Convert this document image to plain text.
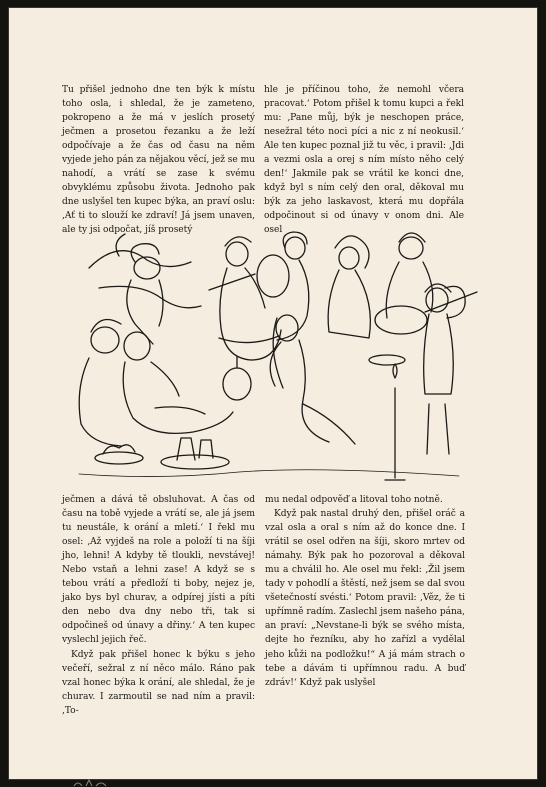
Tu přišel jednoho dne ten býk k místu toho osla, i shledal, že je zameteno, pokropeno a že má v jeslích prosetý ječmen a prosetou řezanku a že leží odpočívaje a že čas od času na něm vyjede jeho pán za nějakou věcí, jež se mu nahodí, a vrátí se zase k svému obvyklému způsobu života. Jednoho pak dne uslyšel ten kupec býka, an praví oslu: ‚Ať ti to slouží ke zdraví! Já jsem unaven, ale ty jsi odpočat, jíš prosetý

hle je příčinou toho, že nemohl včera pracovat.‘ Potom přišel k tomu kupci a řekl mu: ‚Pane můj, býk je neschopen práce, nesežral této noci píci a nic z ní neokusil.‘ Ale ten kupec poznal již tu věc, i pravil: ‚Jdi a vezmi osla a orej s ním místo něho celý den!‘ Jakmile pak se vrátil ke konci dne, když byl s ním celý den oral, děkoval mu býk za jeho laskavost, která mu dopřála odpočinout si od únavy v onom dni. Ale osel

ječmen a dává tě obsluhovat. A čas od času na tobě vyjede a vrátí se, ale já jsem tu neustále, k orání a mletí.‘ I řekl mu osel: ‚Až vyjdeš na role a položí ti na šíji jho, lehni! A kdyby tě tloukli, nevstávej! Nebo vstaň a lehni zase! A když se s tebou vrátí a předloží ti boby, nejez je, jako bys byl churav, a odpírej jísti a píti den nebo dva dny nebo tři, tak si odpočineš od únavy a dřiny.‘ A ten kupec vyslechl jejich řeč.

Když pak přišel honec k býku s jeho večeří, sežral z ní něco málo. Ráno pak vzal honec býka k orání, ale shledal, že je churav. I zarmoutil se nad ním a pravil: ‚To-

mu nedal odpověď a litoval toho notně.

Když pak nastal druhý den, přišel oráč a vzal osla a oral s ním až do konce dne. I vrátil se osel odřen na šíji, skoro mrtev od námahy. Býk pak ho pozoroval a děkoval mu a chválil ho. Ale osel mu řekl: ‚Žil jsem tady v pohodlí a štěstí, než jsem se dal svou všetečností svésti.‘ Potom pravil: ‚Věz, že ti upřímně radím. Zaslechl jsem našeho pána, an praví: „Nevstane-li býk se svého místa, dejte ho řezníku, aby ho zařízl a vydělal jeho kůži na podložku!“ A já mám strach o tebe a dávám ti upřímnou radu. A buď zdráv!‘ Když pak uslyšel
